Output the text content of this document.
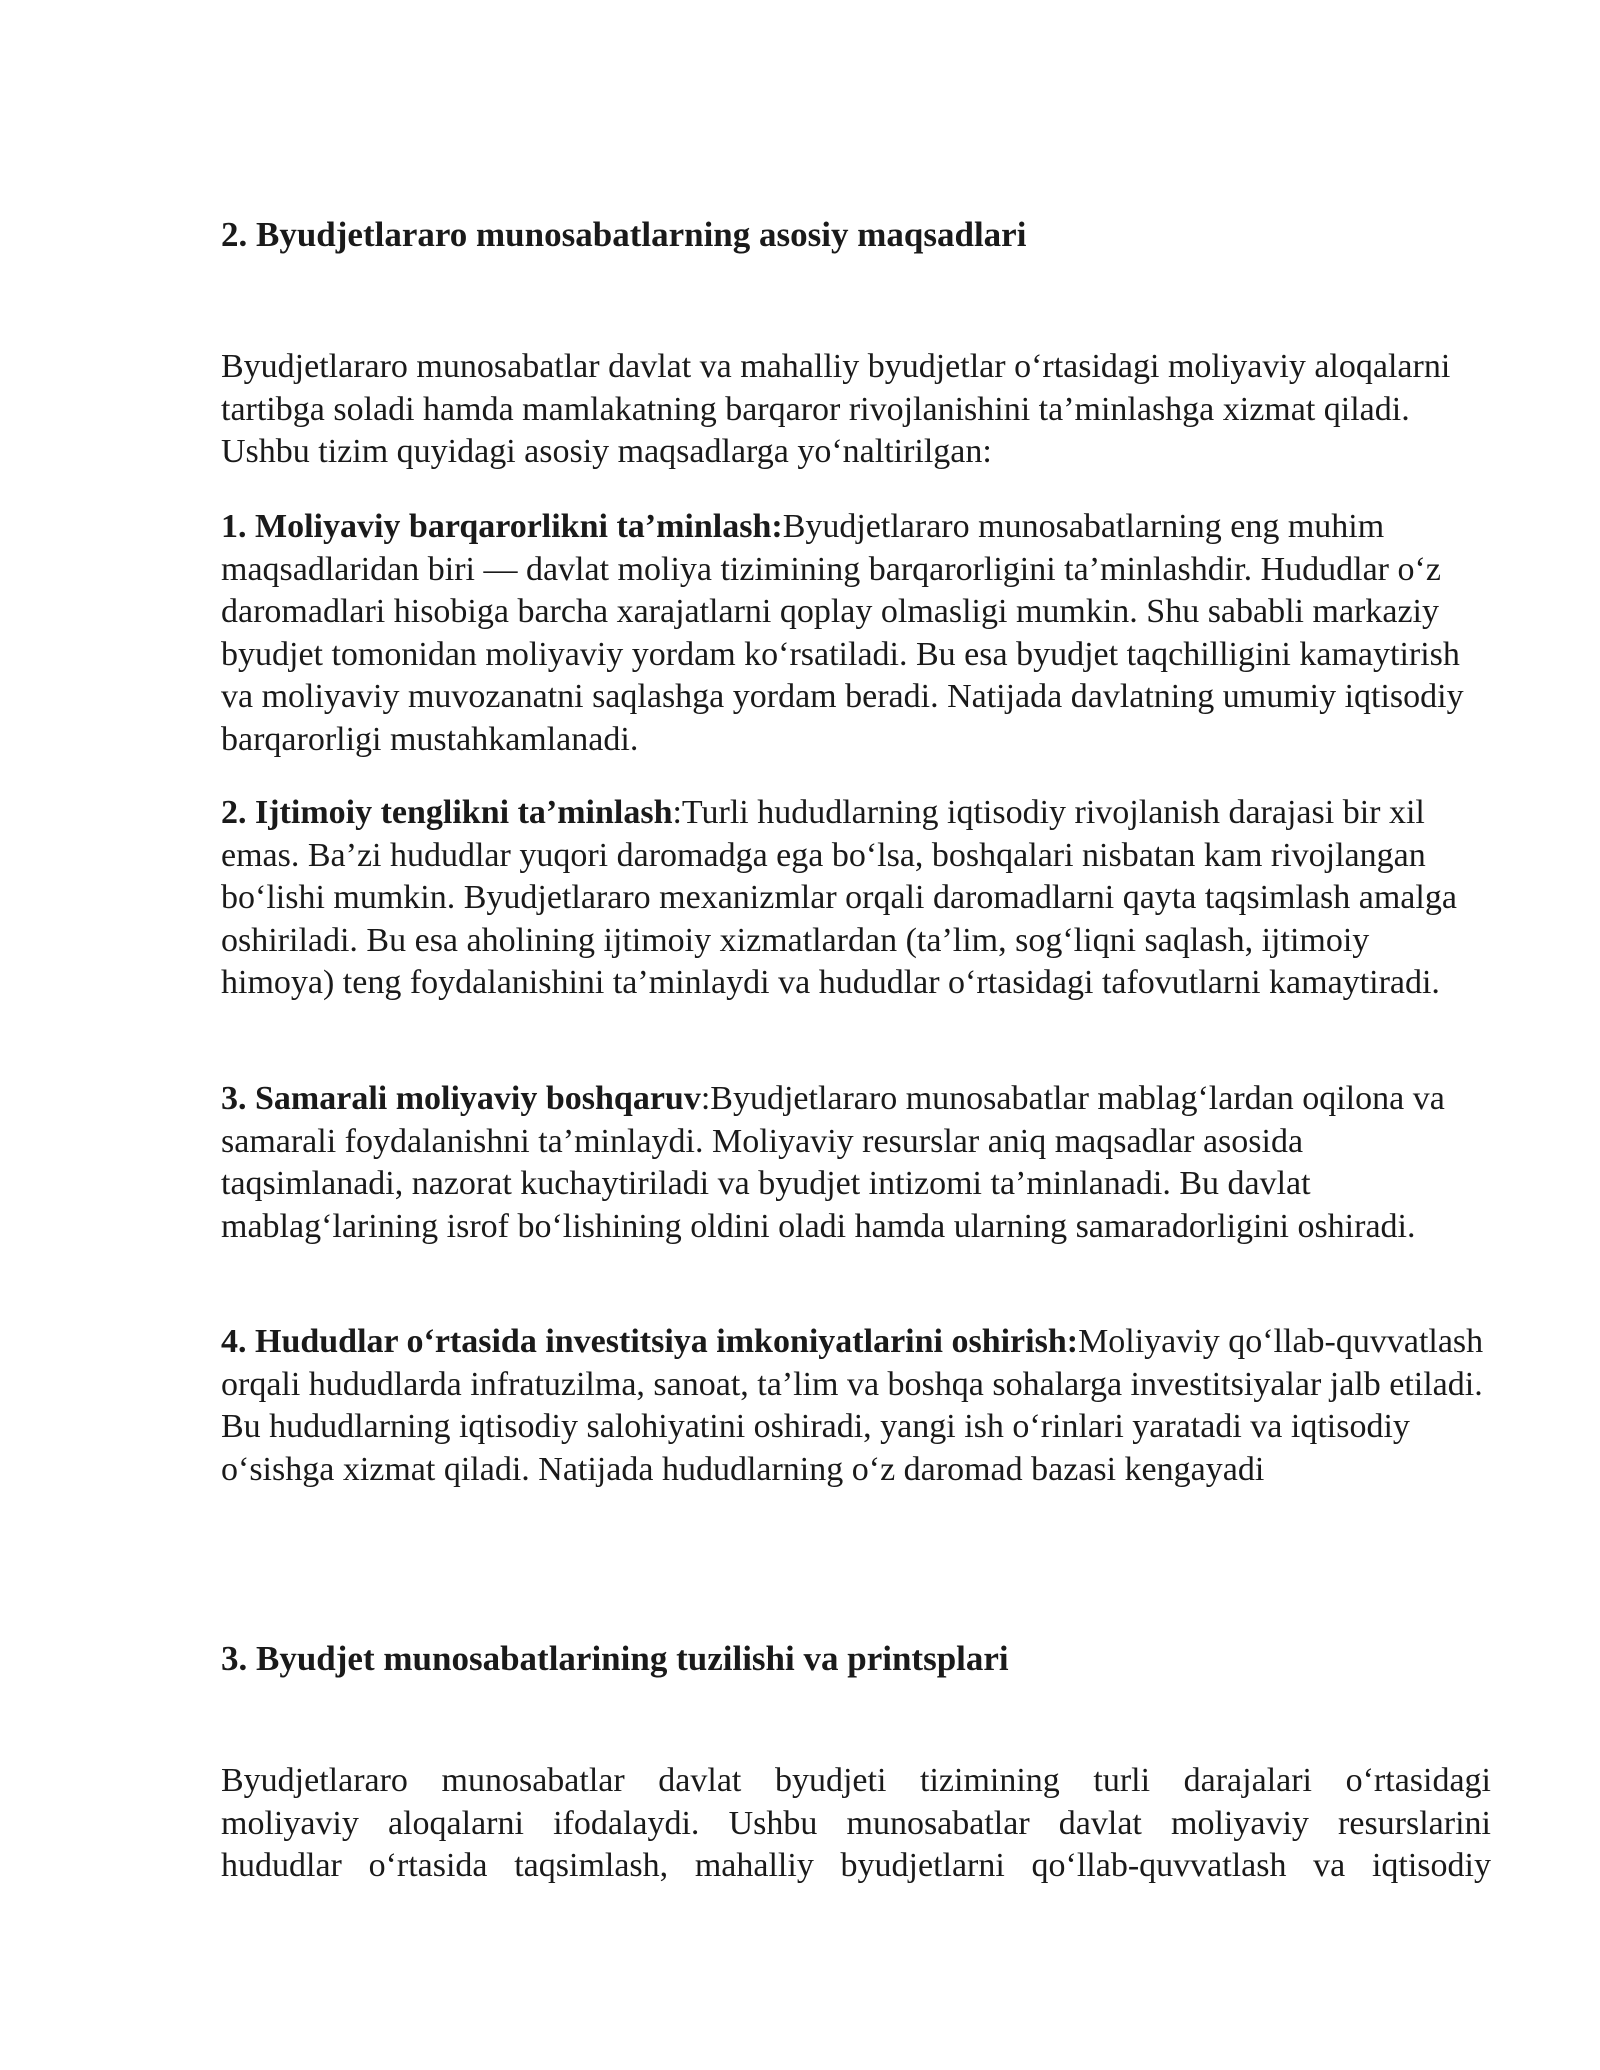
2. Byudjetlararo munosabatlarning asosiy maqsadlari

Byudjetlararo munosabatlar davlat va mahalliy byudjetlar o‘rtasidagi moliyaviy aloqalarni tartibga soladi hamda mamlakatning barqaror rivojlanishini ta’minlashga xizmat qiladi. Ushbu tizim quyidagi asosiy maqsadlarga yo‘naltirilgan:

1. Moliyaviy barqarorlikni ta’minlash:Byudjetlararo munosabatlarning eng muhim maqsadlaridan biri — davlat moliya tizimining barqarorligini ta’minlashdir. Hududlar o‘z daromadlari hisobiga barcha xarajatlarni qoplay olmasligi mumkin. Shu sababli markaziy byudjet tomonidan moliyaviy yordam ko‘rsatiladi. Bu esa byudjet taqchilligini kamaytirish va moliyaviy muvozanatni saqlashga yordam beradi. Natijada davlatning umumiy iqtisodiy barqarorligi mustahkamlanadi.

2. Ijtimoiy tenglikni ta’minlash:Turli hududlarning iqtisodiy rivojlanish darajasi bir xil emas. Ba’zi hududlar yuqori daromadga ega bo‘lsa, boshqalari nisbatan kam rivojlangan bo‘lishi mumkin. Byudjetlararo mexanizmlar orqali daromadlarni qayta taqsimlash amalga oshiriladi. Bu esa aholining ijtimoiy xizmatlardan (ta’lim, sog‘liqni saqlash, ijtimoiy himoya) teng foydalanishini ta’minlaydi va hududlar o‘rtasidagi tafovutlarni kamaytiradi.

3. Samarali moliyaviy boshqaruv:Byudjetlararo munosabatlar mablag‘lardan oqilona va samarali foydalanishni ta’minlaydi. Moliyaviy resurslar aniq maqsadlar asosida taqsimlanadi, nazorat kuchaytiriladi va byudjet intizomi ta’minlanadi. Bu davlat mablag‘larining isrof bo‘lishining oldini oladi hamda ularning samaradorligini oshiradi.

4. Hududlar o‘rtasida investitsiya imkoniyatlarini oshirish:Moliyaviy qo‘llab-quvvatlash orqali hududlarda infratuzilma, sanoat, ta’lim va boshqa sohalarga investitsiyalar jalb etiladi. Bu hududlarning iqtisodiy salohiyatini oshiradi, yangi ish o‘rinlari yaratadi va iqtisodiy o‘sishga xizmat qiladi. Natijada hududlarning o‘z daromad bazasi kengayadi

3. Byudjet munosabatlarining tuzilishi va printsplari
Byudjetlararo munosabatlar davlat byudjeti tizimining turli darajalari o‘rtasidagi
moliyaviy aloqalarni ifodalaydi. Ushbu munosabatlar davlat moliyaviy resurslarini
hududlar o‘rtasida taqsimlash, mahalliy byudjetlarni qo‘llab-quvvatlash va iqtisodiy
